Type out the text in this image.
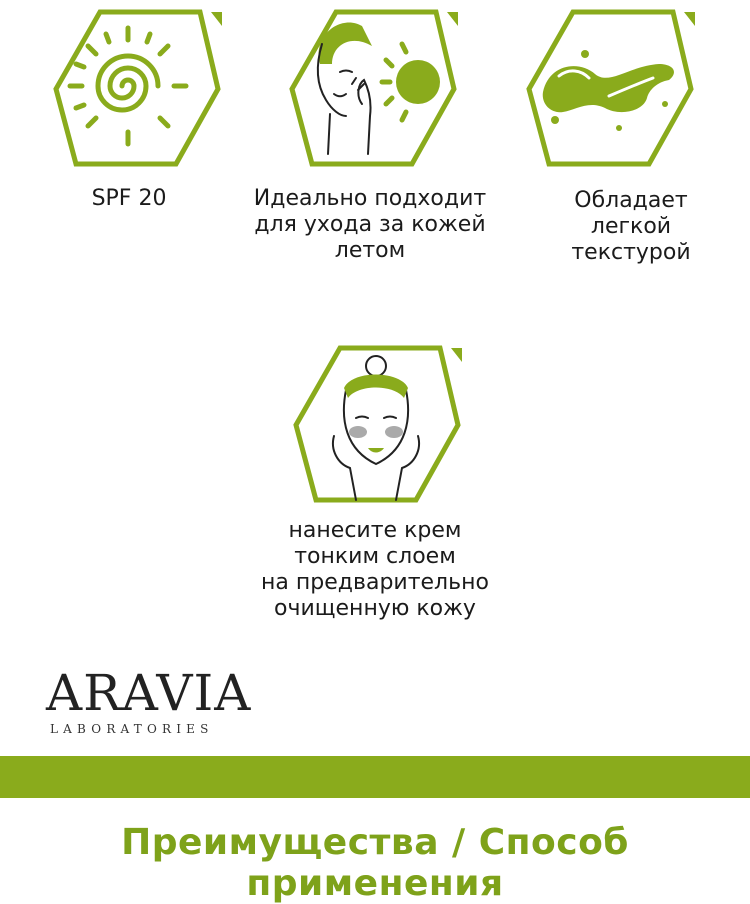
SPF 20	Идеально подходит
для ухода за кожей
летом
Обладает
легкой
текстурой
нанесите крем
тонким слоем
на предварительно
очищенную кожу
ARAVIA
LABORATORIES
Преимущества / Способ применения
